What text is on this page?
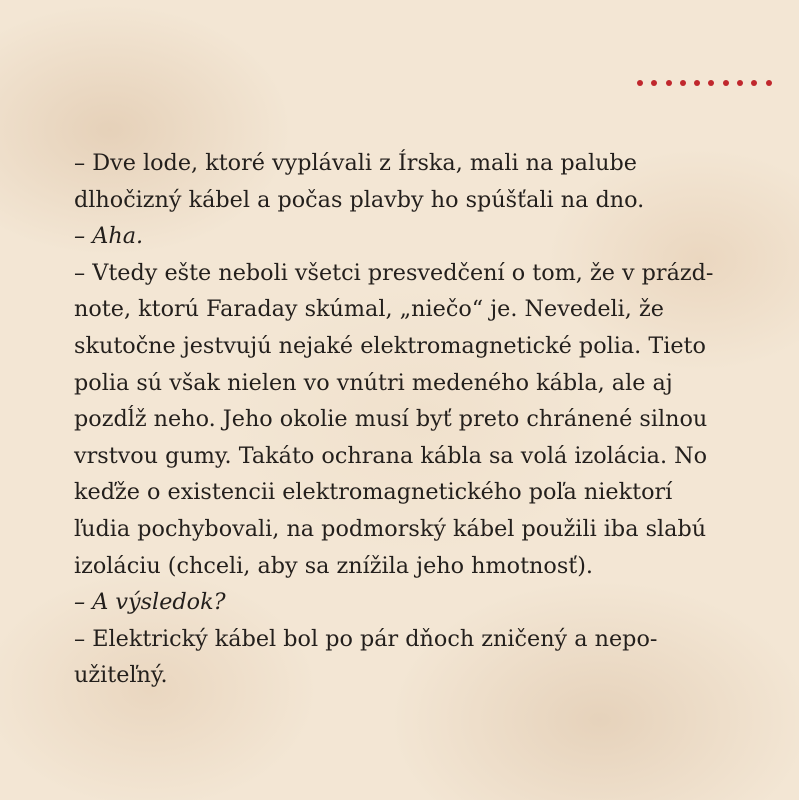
– Dve lode, ktoré vyplávali z Írska, mali na palube
dlhočizný kábel a počas plavby ho spúšťali na dno.
– Aha.
– Vtedy ešte neboli všetci presvedčení o tom, že v prázd-
note, ktorú Faraday skúmal, „niečo“ je. Nevedeli, že
skutočne jestvujú nejaké elektromagnetické polia. Tieto
polia sú však nielen vo vnútri medeného kábla, ale aj
pozdĺž neho. Jeho okolie musí byť preto chránené silnou
vrstvou gumy. Takáto ochrana kábla sa volá izolácia. No
keďže o existencii elektromagnetického poľa niektorí
ľudia pochybovali, na podmorský kábel použili iba slabú
izoláciu (chceli, aby sa znížila jeho hmotnosť).
– A výsledok?
– Elektrický kábel bol po pár dňoch zničený a nepo-
užiteľný.
